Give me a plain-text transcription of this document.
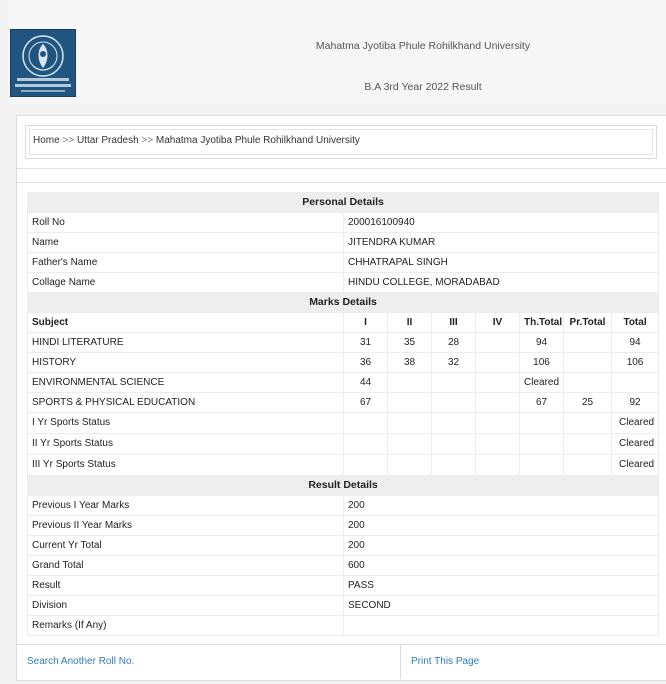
Mahatma Jyotiba Phule Rohilkhand University
B.A 3rd Year 2022 Result
Home >> Uttar Pradesh >> Mahatma Jyotiba Phule Rohilkhand University
Personal Details							
Roll No	200016100940						
Name	JITENDRA KUMAR						
Father's Name	CHHATRAPAL SINGH						
Collage Name	HINDU COLLEGE, MORADABAD						
Marks Details							
Subject	I	II	III	IV	Th.Total	Pr.Total	Total
HINDI LITERATURE	31	35	28		94		94
HISTORY	36	38	32		106		106
ENVIRONMENTAL SCIENCE	44				Cleared		
SPORTS & PHYSICAL EDUCATION	67				67	25	92
I Yr Sports Status							Cleared
II Yr Sports Status							Cleared
III Yr Sports Status							Cleared
Result Details							
Previous I Year Marks	200						
Previous II Year Marks	200						
Current Yr Total	200						
Grand Total	600						
Result	PASS						
Division	SECOND						
Remarks (If Any)							
Search Another Roll No.	Print This Page
